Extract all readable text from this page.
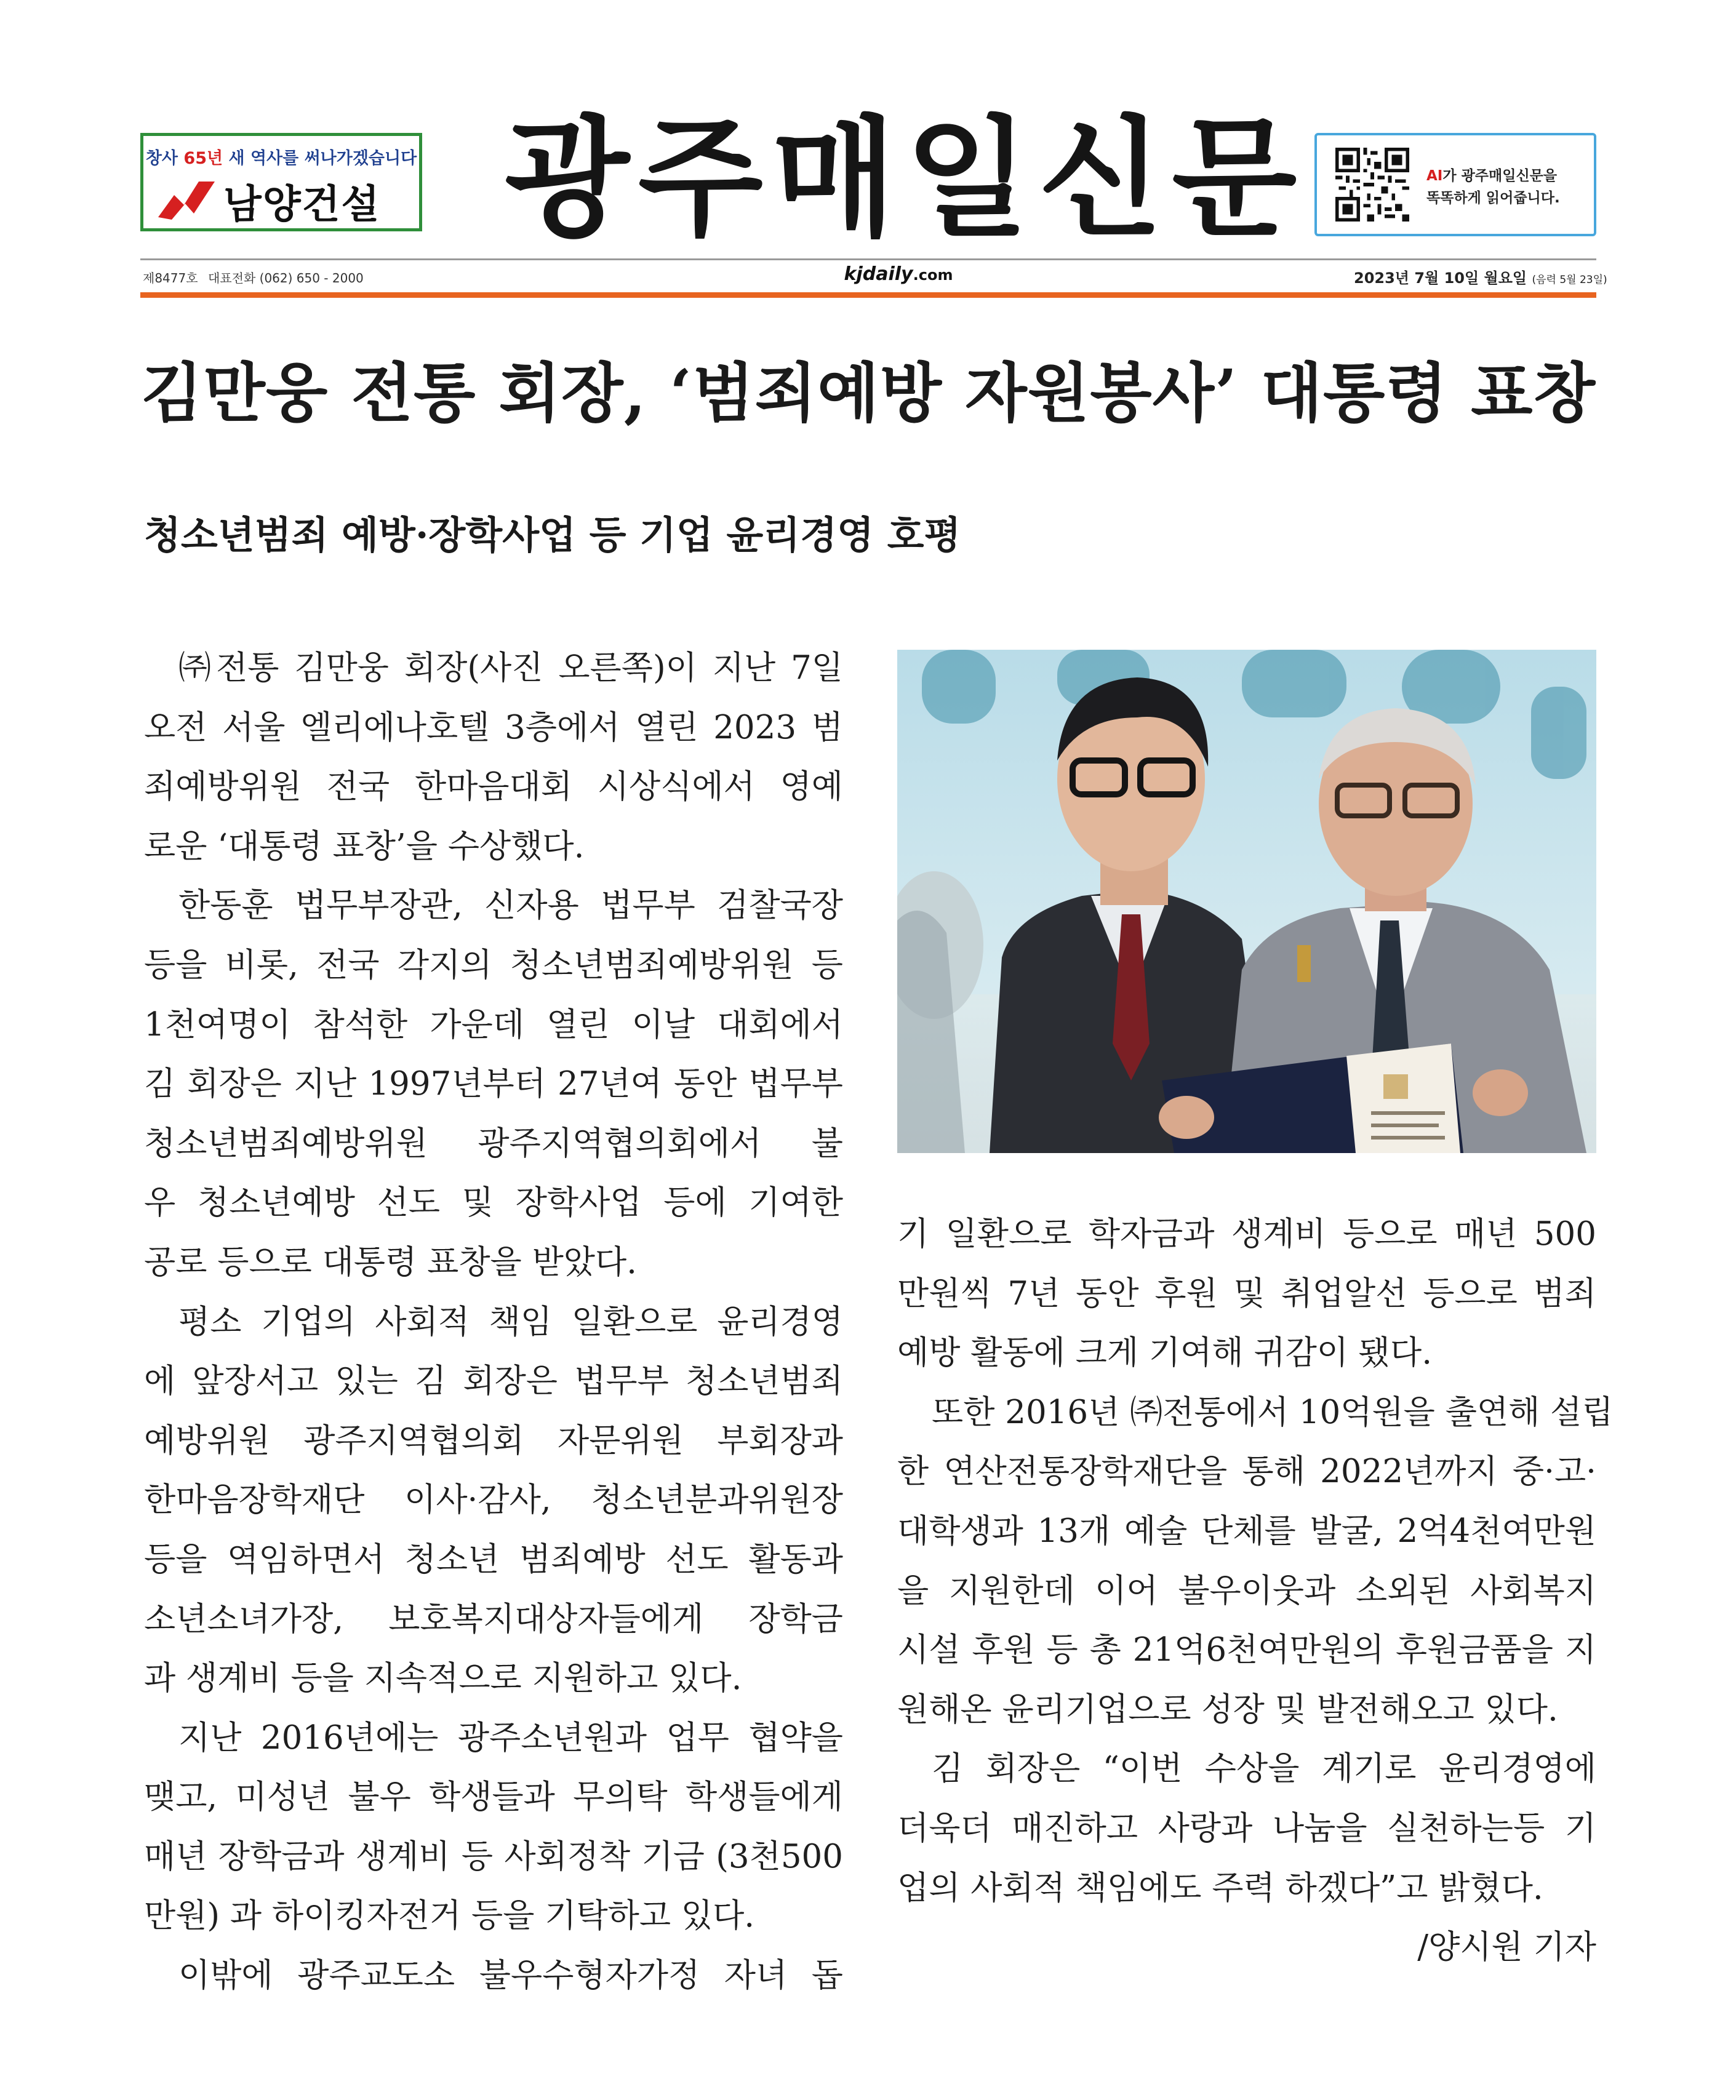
창사 65년 새 역사를 써나가겠습니다
남양건설 광주매일신문	AI가 광주매일신문을
똑똑하게 읽어줍니다.
제8477호 대표전화 (062) 650 - 2000	kjdaily.com	2023년 7월 10일 월요일 (음력 5월 23일)
김만웅 전통 회장, ‘범죄예방 자원봉사’ 대통령 표창
청소년범죄 예방·장학사업 등 기업 윤리경영 호평
㈜전통 김만웅 회장(사진 오른쪽)이 지난 7일
오전 서울 엘리에나호텔 3층에서 열린 2023 범
죄예방위원 전국 한마음대회 시상식에서 영예
로운 ‘대통령 표창’을 수상했다.
한동훈 법무부장관, 신자용 법무부 검찰국장
등을 비롯, 전국 각지의 청소년범죄예방위원 등
1천여명이 참석한 가운데 열린 이날 대회에서
김 회장은 지난 1997년부터 27년여 동안 법무부
청소년범죄예방위원 광주지역협의회에서 불
우 청소년예방 선도 및 장학사업 등에 기여한
공로 등으로 대통령 표창을 받았다.
평소 기업의 사회적 책임 일환으로 윤리경영
에 앞장서고 있는 김 회장은 법무부 청소년범죄
예방위원 광주지역협의회 자문위원 부회장과
한마음장학재단 이사·감사, 청소년분과위원장
등을 역임하면서 청소년 범죄예방 선도 활동과
소년소녀가장, 보호복지대상자들에게 장학금
과 생계비 등을 지속적으로 지원하고 있다.
지난 2016년에는 광주소년원과 업무 협약을
맺고, 미성년 불우 학생들과 무의탁 학생들에게
매년 장학금과 생계비 등 사회정착 기금 (3천500
만원) 과 하이킹자전거 등을 기탁하고 있다.
이밖에 광주교도소 불우수형자가정 자녀 돕
기 일환으로 학자금과 생계비 등으로 매년 500
만원씩 7년 동안 후원 및 취업알선 등으로 범죄
예방 활동에 크게 기여해 귀감이 됐다.
또한 2016년 ㈜전통에서 10억원을 출연해 설립
한 연산전통장학재단을 통해 2022년까지 중·고·
대학생과 13개 예술 단체를 발굴, 2억4천여만원
을 지원한데 이어 불우이웃과 소외된 사회복지
시설 후원 등 총 21억6천여만원의 후원금품을 지
원해온 윤리기업으로 성장 및 발전해오고 있다.
김 회장은 “이번 수상을 계기로 윤리경영에
더욱더 매진하고 사랑과 나눔을 실천하는등 기
업의 사회적 책임에도 주력 하겠다”고 밝혔다.
/양시원 기자
